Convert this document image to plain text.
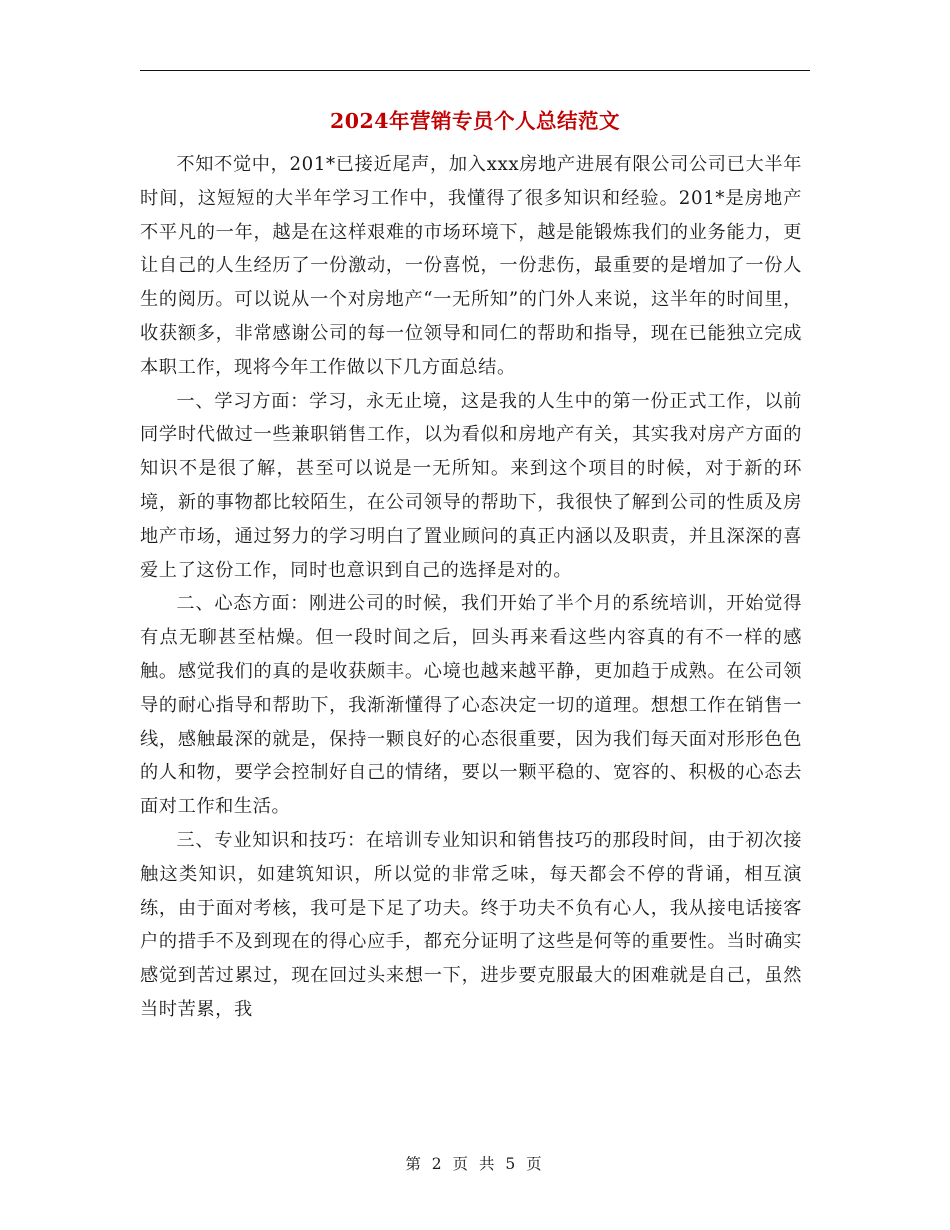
2024年营销专员个人总结范文

不知不觉中，201*已接近尾声，加入xxx房地产进展有限公司公司已大半年时间，这短短的大半年学习工作中，我懂得了很多知识和经验。201*是房地产不平凡的一年，越是在这样艰难的市场环境下，越是能锻炼我们的业务能力，更让自己的人生经历了一份激动，一份喜悦，一份悲伤，最重要的是增加了一份人生的阅历。可以说从一个对房地产“一无所知”的门外人来说，这半年的时间里，收获额多，非常感谢公司的每一位领导和同仁的帮助和指导，现在已能独立完成本职工作，现将今年工作做以下几方面总结。

一、学习方面：学习，永无止境，这是我的人生中的第一份正式工作，以前同学时代做过一些兼职销售工作，以为看似和房地产有关，其实我对房产方面的知识不是很了解，甚至可以说是一无所知。来到这个项目的时候，对于新的环境，新的事物都比较陌生，在公司领导的帮助下，我很快了解到公司的性质及房地产市场，通过努力的学习明白了置业顾问的真正内涵以及职责，并且深深的喜爱上了这份工作，同时也意识到自己的选择是对的。

二、心态方面：刚进公司的时候，我们开始了半个月的系统培训，开始觉得有点无聊甚至枯燥。但一段时间之后，回头再来看这些内容真的有不一样的感触。感觉我们的真的是收获颇丰。心境也越来越平静，更加趋于成熟。在公司领导的耐心指导和帮助下，我渐渐懂得了心态决定一切的道理。想想工作在销售一线，感触最深的就是，保持一颗良好的心态很重要，因为我们每天面对形形色色的人和物，要学会控制好自己的情绪，要以一颗平稳的、宽容的、积极的心态去面对工作和生活。

三、专业知识和技巧：在培训专业知识和销售技巧的那段时间，由于初次接触这类知识，如建筑知识，所以觉的非常乏味，每天都会不停的背诵，相互演练，由于面对考核，我可是下足了功夫。终于功夫不负有心人，我从接电话接客户的措手不及到现在的得心应手，都充分证明了这些是何等的重要性。当时确实感觉到苦过累过，现在回过头来想一下，进步要克服最大的困难就是自己，虽然当时苦累，我

第 2 页 共 5 页
